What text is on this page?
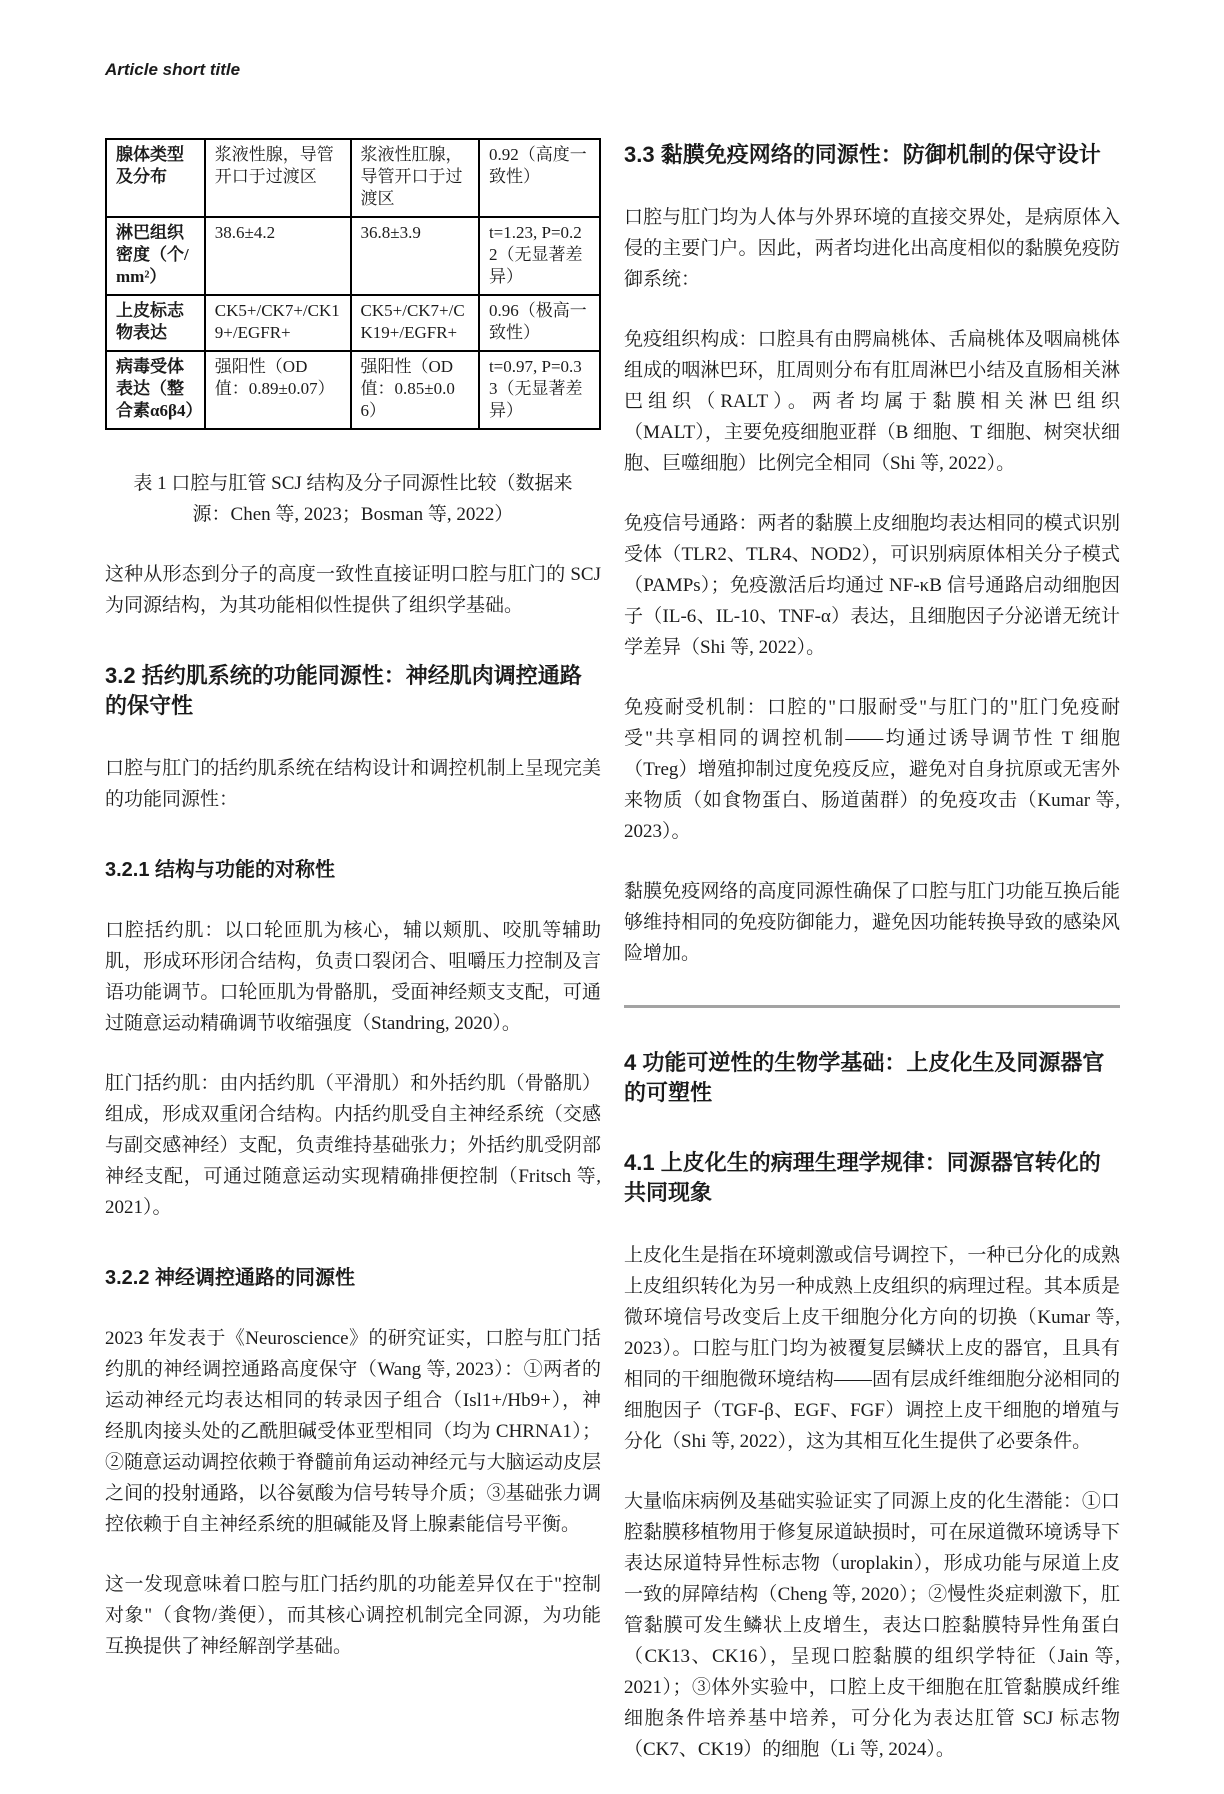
Article short title
腺体类型及分布	浆液性腺，导管开口于过渡区	浆液性肛腺，导管开口于过渡区	0.92（高度一致性）
淋巴组织密度（个/mm²）	38.6±4.2	36.8±3.9	t=1.23, P=0.22（无显著差异）
上皮标志物表达	CK5+/CK7+/CK19+/EGFR+	CK5+/CK7+/CK19+/EGFR+	0.96（极高一致性）
病毒受体表达（整合素α6β4）	强阳性（OD 值：0.89±0.07）	强阳性（OD 值：0.85±0.06）	t=0.97, P=0.33（无显著差异）

表 1 口腔与肛管 SCJ 结构及分子同源性比较（数据来源：Chen 等, 2023；Bosman 等, 2022）

这种从形态到分子的高度一致性直接证明口腔与肛门的 SCJ 为同源结构，为其功能相似性提供了组织学基础。

3.2 括约肌系统的功能同源性：神经肌肉调控通路的保守性

口腔与肛门的括约肌系统在结构设计和调控机制上呈现完美的功能同源性：

3.2.1 结构与功能的对称性

口腔括约肌：以口轮匝肌为核心，辅以颊肌、咬肌等辅助肌，形成环形闭合结构，负责口裂闭合、咀嚼压力控制及言语功能调节。口轮匝肌为骨骼肌，受面神经颊支支配，可通过随意运动精确调节收缩强度（Standring, 2020）。

肛门括约肌：由内括约肌（平滑肌）和外括约肌（骨骼肌）组成，形成双重闭合结构。内括约肌受自主神经系统（交感与副交感神经）支配，负责维持基础张力；外括约肌受阴部神经支配，可通过随意运动实现精确排便控制（Fritsch 等, 2021）。

3.2.2 神经调控通路的同源性

2023 年发表于《Neuroscience》的研究证实，口腔与肛门括约肌的神经调控通路高度保守（Wang 等, 2023）：①两者的运动神经元均表达相同的转录因子组合（Isl1+/Hb9+），神经肌肉接头处的乙酰胆碱受体亚型相同（均为 CHRNA1）；②随意运动调控依赖于脊髓前角运动神经元与大脑运动皮层之间的投射通路，以谷氨酸为信号转导介质；③基础张力调控依赖于自主神经系统的胆碱能及肾上腺素能信号平衡。

这一发现意味着口腔与肛门括约肌的功能差异仅在于"控制对象"（食物/粪便），而其核心调控机制完全同源，为功能互换提供了神经解剖学基础。

3.3 黏膜免疫网络的同源性：防御机制的保守设计

口腔与肛门均为人体与外界环境的直接交界处，是病原体入侵的主要门户。因此，两者均进化出高度相似的黏膜免疫防御系统：

免疫组织构成：口腔具有由腭扁桃体、舌扁桃体及咽扁桃体组成的咽淋巴环，肛周则分布有肛周淋巴小结及直肠相关淋巴组织（RALT）。两者均属于黏膜相关淋巴组织（MALT），主要免疫细胞亚群（B 细胞、T 细胞、树突状细胞、巨噬细胞）比例完全相同（Shi 等, 2022）。

免疫信号通路：两者的黏膜上皮细胞均表达相同的模式识别受体（TLR2、TLR4、NOD2），可识别病原体相关分子模式（PAMPs）；免疫激活后均通过 NF-κB 信号通路启动细胞因子（IL-6、IL-10、TNF-α）表达，且细胞因子分泌谱无统计学差异（Shi 等, 2022）。

免疫耐受机制：口腔的"口服耐受"与肛门的"肛门免疫耐受"共享相同的调控机制——均通过诱导调节性 T 细胞（Treg）增殖抑制过度免疫反应，避免对自身抗原或无害外来物质（如食物蛋白、肠道菌群）的免疫攻击（Kumar 等, 2023）。

黏膜免疫网络的高度同源性确保了口腔与肛门功能互换后能够维持相同的免疫防御能力，避免因功能转换导致的感染风险增加。

4 功能可逆性的生物学基础：上皮化生及同源器官的可塑性
4.1 上皮化生的病理生理学规律：同源器官转化的共同现象

上皮化生是指在环境刺激或信号调控下，一种已分化的成熟上皮组织转化为另一种成熟上皮组织的病理过程。其本质是微环境信号改变后上皮干细胞分化方向的切换（Kumar 等, 2023）。口腔与肛门均为被覆复层鳞状上皮的器官，且具有相同的干细胞微环境结构——固有层成纤维细胞分泌相同的细胞因子（TGF-β、EGF、FGF）调控上皮干细胞的增殖与分化（Shi 等, 2022），这为其相互化生提供了必要条件。

大量临床病例及基础实验证实了同源上皮的化生潜能：①口腔黏膜移植物用于修复尿道缺损时，可在尿道微环境诱导下表达尿道特异性标志物（uroplakin），形成功能与尿道上皮一致的屏障结构（Cheng 等, 2020）；②慢性炎症刺激下，肛管黏膜可发生鳞状上皮增生，表达口腔黏膜特异性角蛋白（CK13、CK16），呈现口腔黏膜的组织学特征（Jain 等, 2021）；③体外实验中，口腔上皮干细胞在肛管黏膜成纤维细胞条件培养基中培养，可分化为表达肛管 SCJ 标志物（CK7、CK19）的细胞（Li 等, 2024）。
